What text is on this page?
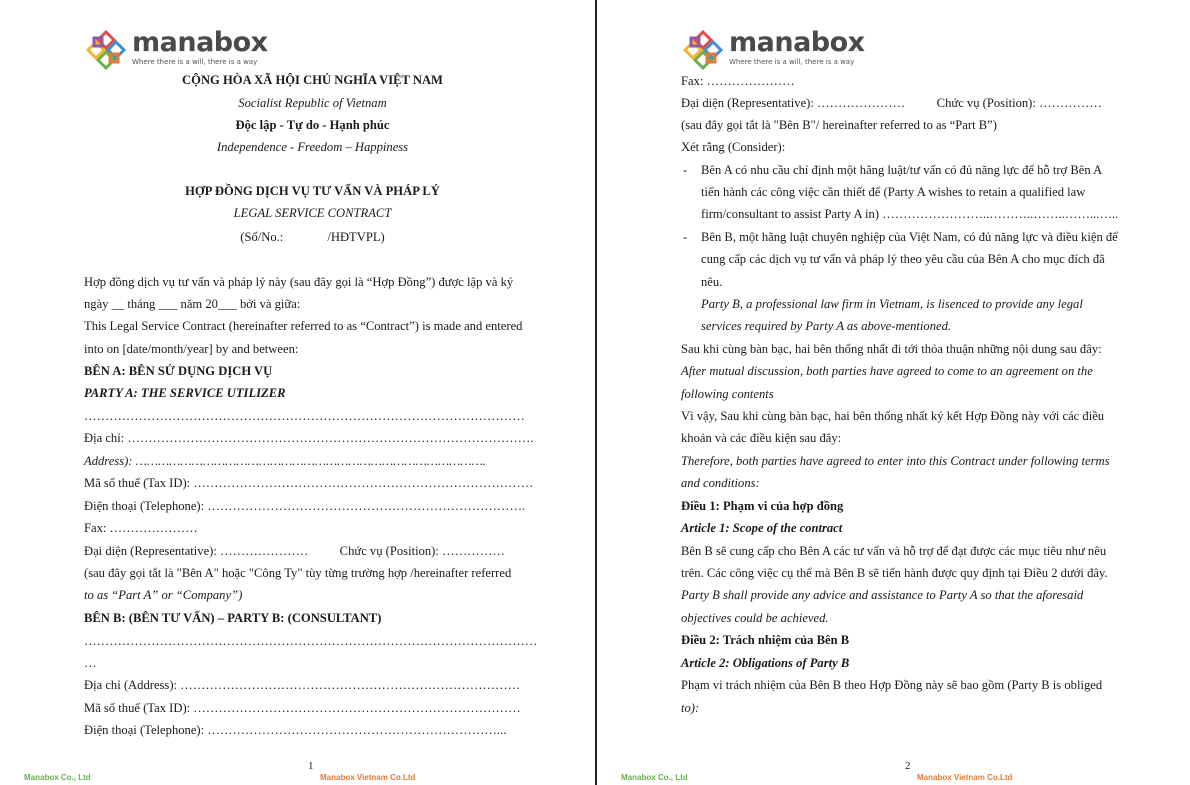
manabox
Where there is a will, there is a way
CỘNG HÒA XÃ HỘI CHỦ NGHĨA VIỆT NAM
Socialist Republic of Vietnam
Độc lập - Tự do - Hạnh phúc
Independence - Freedom – Happiness
HỢP ĐỒNG DỊCH VỤ TƯ VẤN VÀ PHÁP LÝ
LEGAL SERVICE CONTRACT
(Số/No.:              /HĐTVPL)
Hợp đồng dịch vụ tư vấn và pháp lý này (sau đây gọi là “Hợp Đồng”) được lập và ký
ngày __ tháng ___ năm 20___ bởi và giữa:
This Legal Service Contract (hereinafter referred to as “Contract”) is made and entered
into on [date/month/year] by and between:
BÊN A: BÊN SỬ DỤNG DỊCH VỤ
PARTY A: THE SERVICE UTILIZER
……………………………………………………………………………………………
Địa chỉ: …………………………………………………………………………………….
Address): ………………………………………………………………………………….
Mã số thuế (Tax ID): ………………………………………………………………………
Điện thoại (Telephone): ………………………………………………………………….
Fax: …………………
Đại diện (Representative): …………………          Chức vụ (Position): ……………
(sau đây gọi tắt là "Bên A" hoặc "Công Ty" tùy từng trường hợp /hereinafter referred
to as “Part A” or “Company”)
BÊN B: (BÊN TƯ VẤN) – PARTY B: (CONSULTANT)
………………………………………………………………………………………………
…
Địa chỉ (Address): ………………………………………………………………………
Mã số thuế (Tax ID): ……………………………………………………………………
Điện thoại (Telephone): ……………………………………………………………...
1
Manabox Co., Ltd	Manabox Vietnam Co.Ltd
manabox
Where there is a will, there is a way
Fax: …………………
Đại diện (Representative): …………………          Chức vụ (Position): ……………
(sau đây gọi tắt là "Bên B"/ hereinafter referred to as “Part B”)
Xét rằng (Consider):
- Bên A có nhu cầu chỉ định một hãng luật/tư vấn có đủ năng lực để hỗ trợ Bên A
tiến hành các công việc cần thiết để (Party A wishes to retain a qualified law
firm/consultant to assist Party A in) ……………………..………..……..……...…..
- Bên B, một hãng luật chuyên nghiệp của Việt Nam, có đủ năng lực và điều kiện để
cung cấp các dịch vụ tư vấn và pháp lý theo yêu cầu của Bên A cho mục đích đã
nêu.
Party B, a professional law firm in Vietnam, is lisenced to provide any legal
services required by Party A as above-mentioned.
Sau khi cùng bàn bạc, hai bên thống nhất đi tới thỏa thuận những nội dung sau đây:
After mutual discussion, both parties have agreed to come to an agreement on the
following contents
Vì vậy, Sau khi cùng bàn bạc, hai bên thống nhất ký kết Hợp Đồng này với các điều
khoản và các điều kiện sau đây:
Therefore, both parties have agreed to enter into this Contract under following terms
and conditions:
Điều 1: Phạm vi của hợp đồng
Article 1: Scope of the contract
Bên B sẽ cung cấp cho Bên A các tư vấn và hỗ trợ để đạt được các mục tiêu như nêu
trên. Các công việc cụ thể mà Bên B sẽ tiến hành được quy định tại Điều 2 dưới đây.
Party B shall provide any advice and assistance to Party A so that the aforesaid
objectives could be achieved.
Điều 2: Trách nhiệm của Bên B
Article 2: Obligations of Party B
Phạm vi trách nhiệm của Bên B theo Hợp Đồng này sẽ bao gồm (Party B is obliged
to):
2
Manabox Co., Ltd	Manabox Vietnam Co.Ltd
